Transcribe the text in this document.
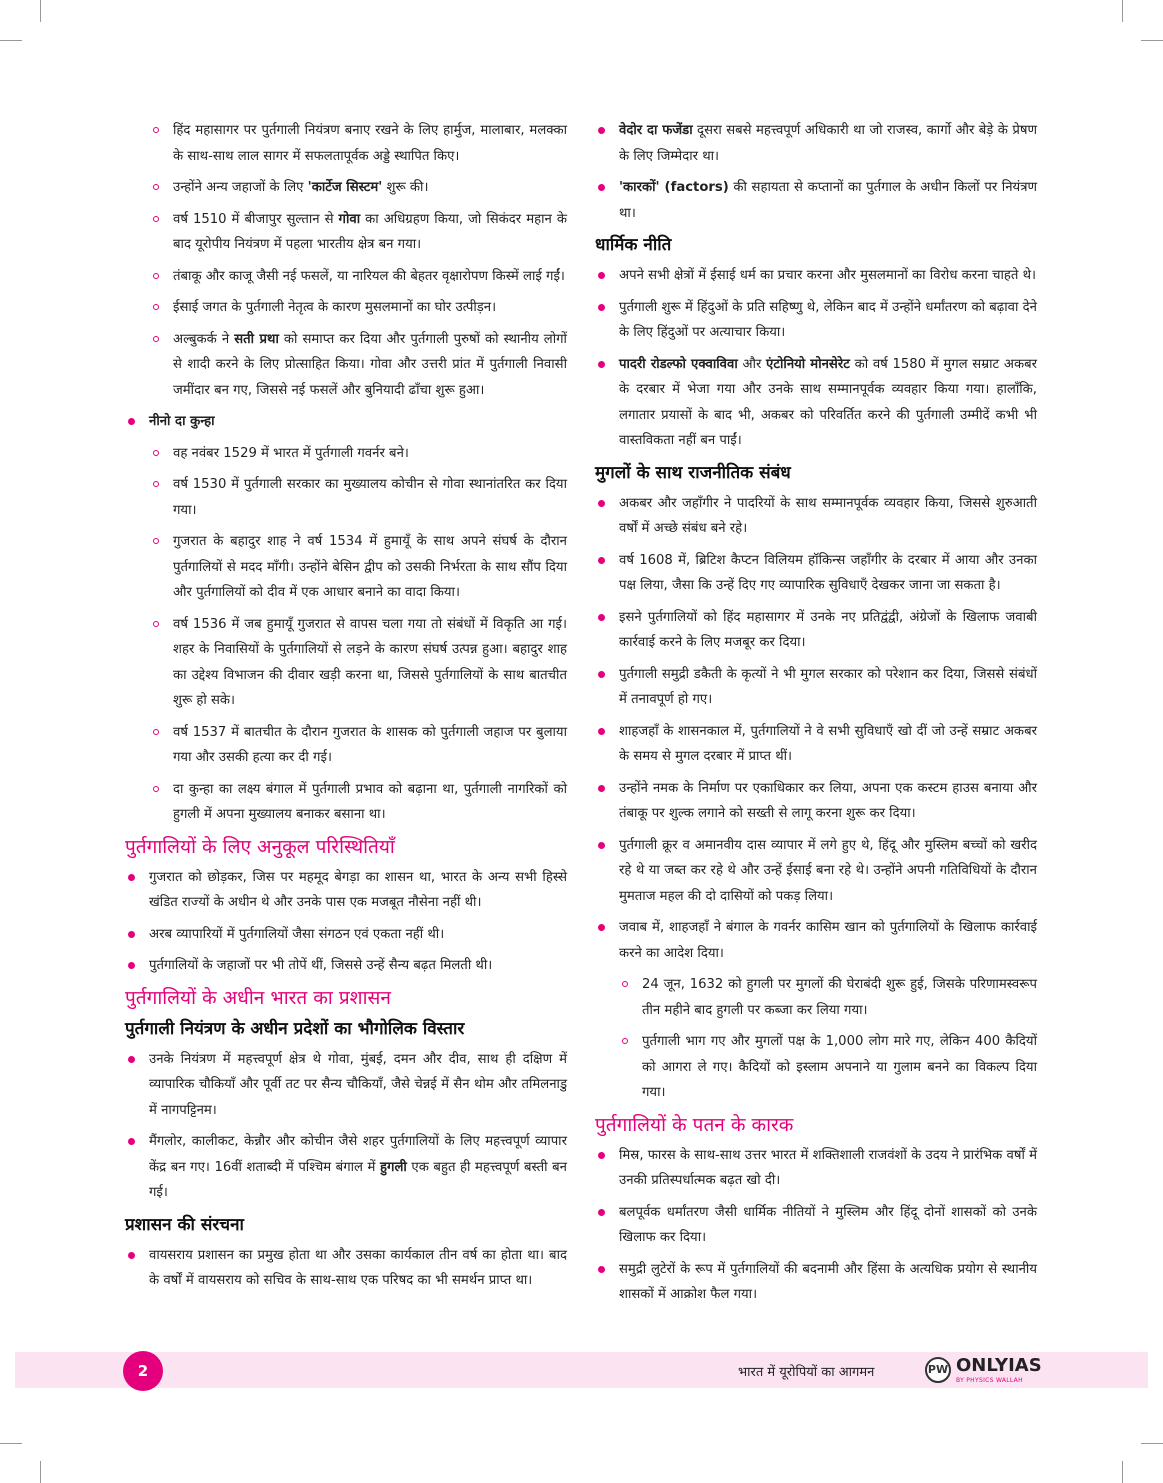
हिंद महासागर पर पुर्तगाली नियंत्रण बनाए रखने के लिए हार्मुज, मालाबार, मलक्का के साथ-साथ लाल सागर में सफलतापूर्वक अड्डे स्थापित किए।
उन्होंने अन्य जहाजों के लिए 'कार्टेज सिस्टम' शुरू की।
वर्ष 1510 में बीजापुर सुल्तान से गोवा का अधिग्रहण किया, जो सिकंदर महान के बाद यूरोपीय नियंत्रण में पहला भारतीय क्षेत्र बन गया।
तंबाकू और काजू जैसी नई फसलें, या नारियल की बेहतर वृक्षारोपण किस्में लाई गईं।
ईसाई जगत के पुर्तगाली नेतृत्व के कारण मुसलमानों का घोर उत्पीड़न।
अल्बुकर्क ने सती प्रथा को समाप्त कर दिया और पुर्तगाली पुरुषों को स्थानीय लोगों से शादी करने के लिए प्रोत्साहित किया। गोवा और उत्तरी प्रांत में पुर्तगाली निवासी जमींदार बन गए, जिससे नई फसलें और बुनियादी ढाँचा शुरू हुआ।
नीनो दा कुन्हा
वह नवंबर 1529 में भारत में पुर्तगाली गवर्नर बने।
वर्ष 1530 में पुर्तगाली सरकार का मुख्यालय कोचीन से गोवा स्थानांतरित कर दिया गया।
गुजरात के बहादुर शाह ने वर्ष 1534 में हुमायूँ के साथ अपने संघर्ष के दौरान पुर्तगालियों से मदद माँगी। उन्होंने बेसिन द्वीप को उसकी निर्भरता के साथ सौंप दिया और पुर्तगालियों को दीव में एक आधार बनाने का वादा किया।
वर्ष 1536 में जब हुमायूँ गुजरात से वापस चला गया तो संबंधों में विकृति आ गई। शहर के निवासियों के पुर्तगालियों से लड़ने के कारण संघर्ष उत्पन्न हुआ। बहादुर शाह का उद्देश्य विभाजन की दीवार खड़ी करना था, जिससे पुर्तगालियों के साथ बातचीत शुरू हो सके।
वर्ष 1537 में बातचीत के दौरान गुजरात के शासक को पुर्तगाली जहाज पर बुलाया गया और उसकी हत्या कर दी गई।
दा कुन्हा का लक्ष्य बंगाल में पुर्तगाली प्रभाव को बढ़ाना था, पुर्तगाली नागरिकों को हुगली में अपना मुख्यालय बनाकर बसाना था।
पुर्तगालियों के लिए अनुकूल परिस्थितियाँ
गुजरात को छोड़कर, जिस पर महमूद बेगड़ा का शासन था, भारत के अन्य सभी हिस्से खंडित राज्यों के अधीन थे और उनके पास एक मजबूत नौसेना नहीं थी।
अरब व्यापारियों में पुर्तगालियों जैसा संगठन एवं एकता नहीं थी।
पुर्तगालियों के जहाजों पर भी तोपें थीं, जिससे उन्हें सैन्य बढ़त मिलती थी।
पुर्तगालियों के अधीन भारत का प्रशासन
पुर्तगाली नियंत्रण के अधीन प्रदेशों का भौगोलिक विस्तार
उनके नियंत्रण में महत्त्वपूर्ण क्षेत्र थे गोवा, मुंबई, दमन और दीव, साथ ही दक्षिण में व्यापारिक चौकियाँ और पूर्वी तट पर सैन्य चौकियाँ, जैसे चेन्नई में सैन थोम और तमिलनाडु में नागपट्टिनम।
मैंगलोर, कालीकट, केन्नौर और कोचीन जैसे शहर पुर्तगालियों के लिए महत्त्वपूर्ण व्यापार केंद्र बन गए। 16वीं शताब्दी में पश्चिम बंगाल में हुगली एक बहुत ही महत्त्वपूर्ण बस्ती बन गई।
प्रशासन की संरचना
वायसराय प्रशासन का प्रमुख होता था और उसका कार्यकाल तीन वर्ष का होता था। बाद के वर्षों में वायसराय को सचिव के साथ-साथ एक परिषद का भी समर्थन प्राप्त था।
वेदोर दा फजेंडा दूसरा सबसे महत्त्वपूर्ण अधिकारी था जो राजस्व, कार्गो और बेड़े के प्रेषण के लिए जिम्मेदार था।
'कारकों' (factors) की सहायता से कप्तानों का पुर्तगाल के अधीन किलों पर नियंत्रण था।
धार्मिक नीति
अपने सभी क्षेत्रों में ईसाई धर्म का प्रचार करना और मुसलमानों का विरोध करना चाहते थे।
पुर्तगाली शुरू में हिंदुओं के प्रति सहिष्णु थे, लेकिन बाद में उन्होंने धर्मांतरण को बढ़ावा देने के लिए हिंदुओं पर अत्याचार किया।
पादरी रोडल्फो एक्वाविवा और एंटोनियो मोनसेरेट को वर्ष 1580 में मुगल सम्राट अकबर के दरबार में भेजा गया और उनके साथ सम्मानपूर्वक व्यवहार किया गया। हालाँकि, लगातार प्रयासों के बाद भी, अकबर को परिवर्तित करने की पुर्तगाली उम्मीदें कभी भी वास्तविकता नहीं बन पाईं।
मुगलों के साथ राजनीतिक संबंध
अकबर और जहाँगीर ने पादरियों के साथ सम्मानपूर्वक व्यवहार किया, जिससे शुरुआती वर्षों में अच्छे संबंध बने रहे।
वर्ष 1608 में, ब्रिटिश कैप्टन विलियम हॉकिन्स जहाँगीर के दरबार में आया और उनका पक्ष लिया, जैसा कि उन्हें दिए गए व्यापारिक सुविधाएँ देखकर जाना जा सकता है।
इसने पुर्तगालियों को हिंद महासागर में उनके नए प्रतिद्वंद्वी, अंग्रेजों के खिलाफ जवाबी कार्रवाई करने के लिए मजबूर कर दिया।
पुर्तगाली समुद्री डकैती के कृत्यों ने भी मुगल सरकार को परेशान कर दिया, जिससे संबंधों में तनावपूर्ण हो गए।
शाहजहाँ के शासनकाल में, पुर्तगालियों ने वे सभी सुविधाएँ खो दीं जो उन्हें सम्राट अकबर के समय से मुगल दरबार में प्राप्त थीं।
उन्होंने नमक के निर्माण पर एकाधिकार कर लिया, अपना एक कस्टम हाउस बनाया और तंबाकू पर शुल्क लगाने को सख्ती से लागू करना शुरू कर दिया।
पुर्तगाली क्रूर व अमानवीय दास व्यापार में लगे हुए थे, हिंदू और मुस्लिम बच्चों को खरीद रहे थे या जब्त कर रहे थे और उन्हें ईसाई बना रहे थे। उन्होंने अपनी गतिविधियों के दौरान मुमताज महल की दो दासियों को पकड़ लिया।
जवाब में, शाहजहाँ ने बंगाल के गवर्नर कासिम खान को पुर्तगालियों के खिलाफ कार्रवाई करने का आदेश दिया।
24 जून, 1632 को हुगली पर मुगलों की घेराबंदी शुरू हुई, जिसके परिणामस्वरूप तीन महीने बाद हुगली पर कब्जा कर लिया गया।
पुर्तगाली भाग गए और मुगलों पक्ष के 1,000 लोग मारे गए, लेकिन 400 कैदियों को आगरा ले गए। कैदियों को इस्लाम अपनाने या गुलाम बनने का विकल्प दिया गया।
पुर्तगालियों के पतन के कारक
मिस्र, फारस के साथ-साथ उत्तर भारत में शक्तिशाली राजवंशों के उदय ने प्रारंभिक वर्षों में उनकी प्रतिस्पर्धात्मक बढ़त खो दी।
बलपूर्वक धर्मांतरण जैसी धार्मिक नीतियों ने मुस्लिम और हिंदू दोनों शासकों को उनके खिलाफ कर दिया।
समुद्री लुटेरों के रूप में पुर्तगालियों की बदनामी और हिंसा के अत्यधिक प्रयोग से स्थानीय शासकों में आक्रोश फैल गया।
2	भारत में यूरोपियों का आगमन	PW ONLYIAS
BY PHYSICS WALLAH
